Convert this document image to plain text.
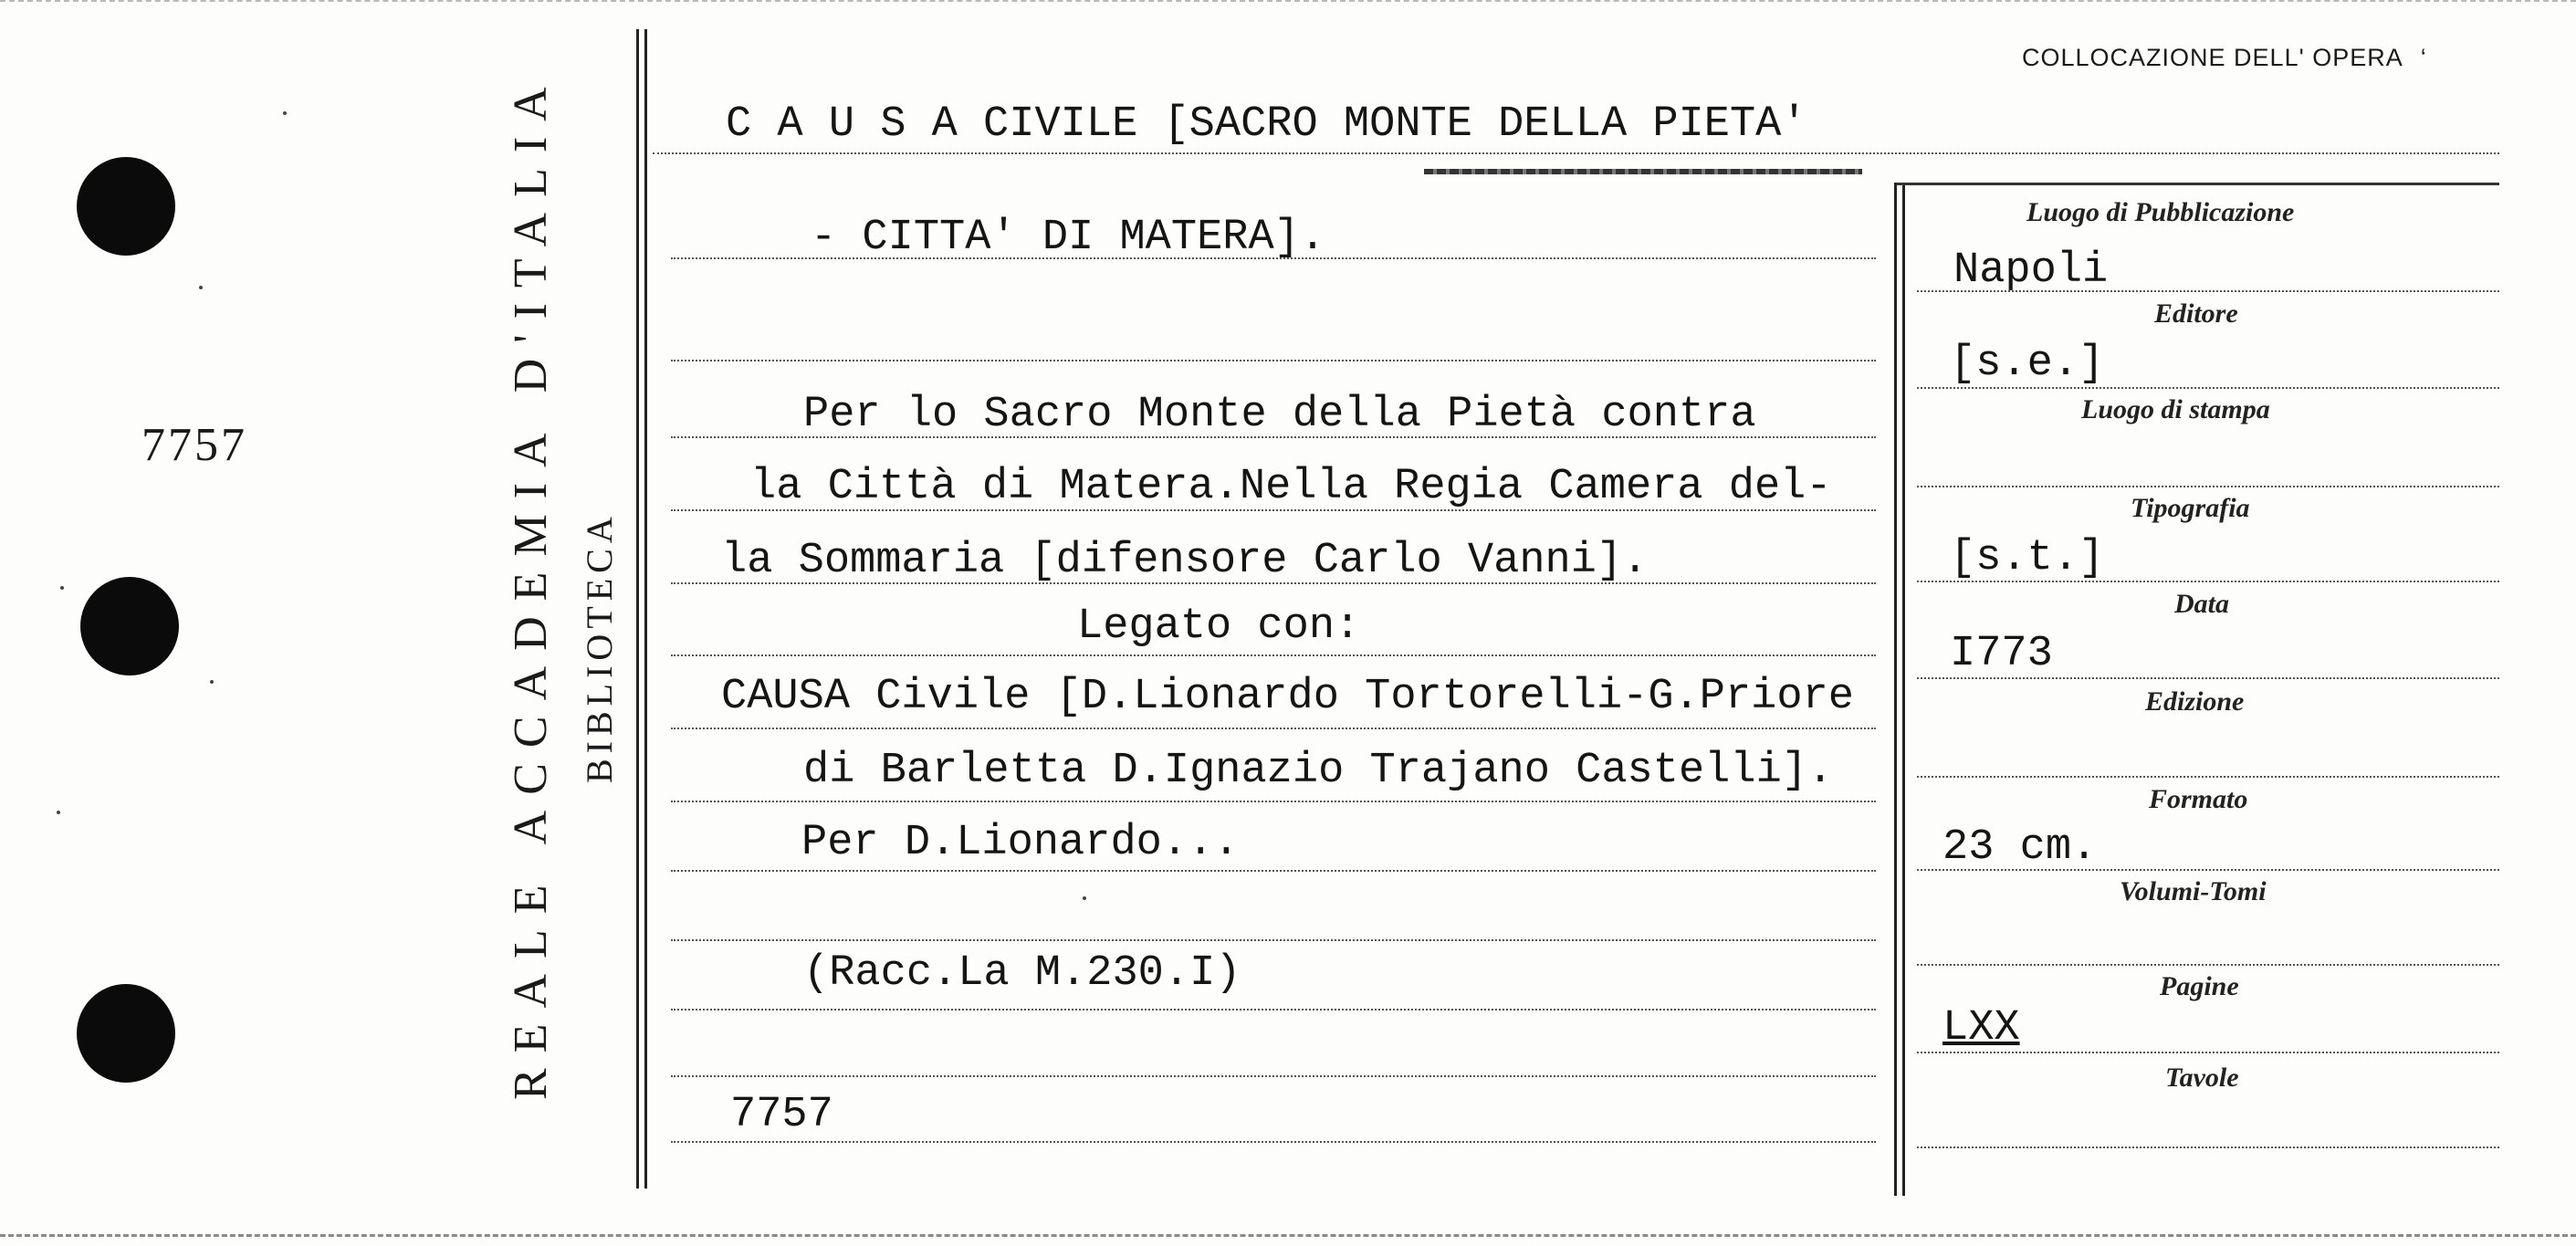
7757	REALE ACCADEMIA D'ITALIA BIBLIOTECA
COLLOCAZIONE DELL' OPERA ‘
C A U S A CIVILE [SACRO MONTE DELLA PIETA'
- CITTA' DI MATERA].
Per lo Sacro Monte della Pietà contra
la Città di Matera.Nella Regia Camera del-
la Sommaria [difensore Carlo Vanni].
Legato con:
CAUSA Civile [D.Lionardo Tortorelli-G.Priore
di Barletta D.Ignazio Trajano Castelli].
Per D.Lionardo...
(Racc.La M.230.I)
7757
Luogo di Pubblicazione
Editore
Luogo di stampa
Tipografia
Data
Edizione
Formato
Volumi-Tomi
Pagine
Tavole
Napoli
[s.e.]
[s.t.]
I773
23 cm.
LXX
